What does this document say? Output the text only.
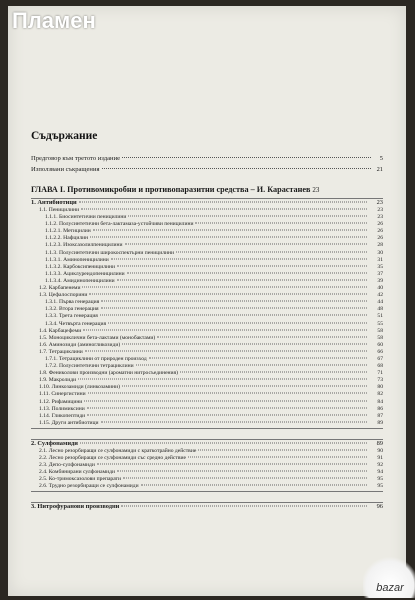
Съдържание
Предговор към третото издание	5
Използвани съкращения	21
ГЛАВА I. Противомикробни и противопаразитни средства – И. Карастанев 23
1. Антибиотици	23
1.1. Пеницилини	23
1.1.1. Биосинтетични пеницилини	23
1.1.2. Полусинтетични бета-лактамаза-устойчиви пеницилини	26
1.1.2.1. Метицилин	26
1.1.2.2. Нафцилин	26
1.1.2.3. Изоксазолилпеницилини	28
1.1.3. Полусинтетични широкоспектърни пеницилини	30
1.1.3.1. Аминопеницилини	31
1.1.3.2. Карбоксипеницилини	35
1.1.3.3. Ациклуреидопеницилини	37
1.1.3.4. Амидинопеницилини	39
1.2. Карбапенеми	40
1.3. Цефалоспорини	42
1.3.1. Първа генерация	44
1.3.2. Втора генерация	48
1.3.3. Трета генерация	51
1.3.4. Четвърта генерация	55
1.4. Карбацефеми	58
1.5. Моноциклични бета-лактами (монобактами)	58
1.6. Аминозиди (аминогликозиди)	60
1.7. Тетрациклини	66
1.7.1. Тетрациклини от природен произход	67
1.7.2. Полусинтетични тетрациклини	68
1.8. Фениколови производни (ароматни нитросъединения)	71
1.9. Макролиди	73
1.10. Линкозамиди (линкозамини)	80
1.11. Синергистини	82
1.12. Рифамицини	84
1.13. Полимиксини	86
1.14. Гликопептиди	87
1.15. Други антибиотици	89
2. Сулфонамиди	89
2.1. Лесно резорбиращи се сулфонамиди с краткотрайно действие	90
2.2. Лесно резорбиращи се сулфонамиди със средно действие	91
2.3. Депо-сулфонамиди	92
2.4. Комбинирани сулфонамиди	94
2.5. Ко-тримоксазолови препарати	95
2.6. Трудно резорбиращи се сулфонамиди	95
3. Нитрофуранови производни	96
Пламен
bazar
